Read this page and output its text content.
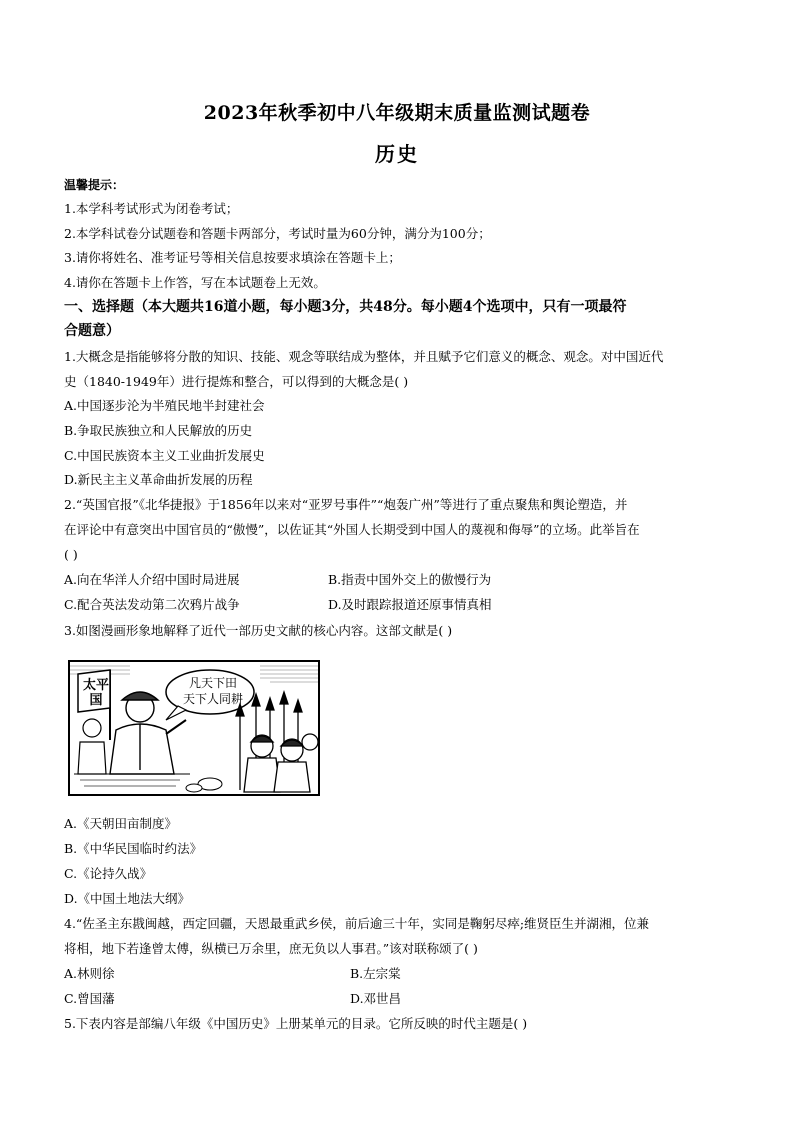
2023年秋季初中八年级期末质量监测试题卷
历史
温馨提示：
1.本学科考试形式为闭卷考试；
2.本学科试卷分试题卷和答题卡两部分，考试时量为60分钟，满分为100分；
3.请你将姓名、准考证号等相关信息按要求填涂在答题卡上；
4.请你在答题卡上作答，写在本试题卷上无效。
一、选择题（本大题共16道小题，每小题3分，共48分。每小题4个选项中，只有一项最符
合题意）
1.大概念是指能够将分散的知识、技能、观念等联结成为整体，并且赋予它们意义的概念、观念。对中国近代
史（1840-1949年）进行提炼和整合，可以得到的大概念是( )
A.中国逐步沦为半殖民地半封建社会
B.争取民族独立和人民解放的历史
C.中国民族资本主义工业曲折发展史
D.新民主主义革命曲折发展的历程
2.“英国官报”《北华捷报》于1856年以来对“亚罗号事件”“炮轰广州”等进行了重点聚焦和舆论塑造，并
在评论中有意突出中国官员的“傲慢”，以佐证其“外国人长期受到中国人的蔑视和侮辱”的立场。此举旨在
( )
A.向在华洋人介绍中国时局进展	B.指责中国外交上的傲慢行为
C.配合英法发动第二次鸦片战争	D.及时跟踪报道还原事情真相
3.如图漫画形象地解释了近代一部历史文献的核心内容。这部文献是( )
太平国
凡天下田
天下人同耕
A.《天朝田亩制度》
B.《中华民国临时约法》
C.《论持久战》
D.《中国土地法大纲》
4.“佐圣主东戡闽越，西定回疆，天恩最重武乡侯，前后逾三十年，实同是鞠躬尽瘁;维贤臣生并湖湘，位兼
将相，地下若逢曾太傅，纵横已万余里，庶无负以人事君。”该对联称颂了( )
A.林则徐	B.左宗棠
C.曾国藩	D.邓世昌
5.下表内容是部编八年级《中国历史》上册某单元的目录。它所反映的时代主题是( )
